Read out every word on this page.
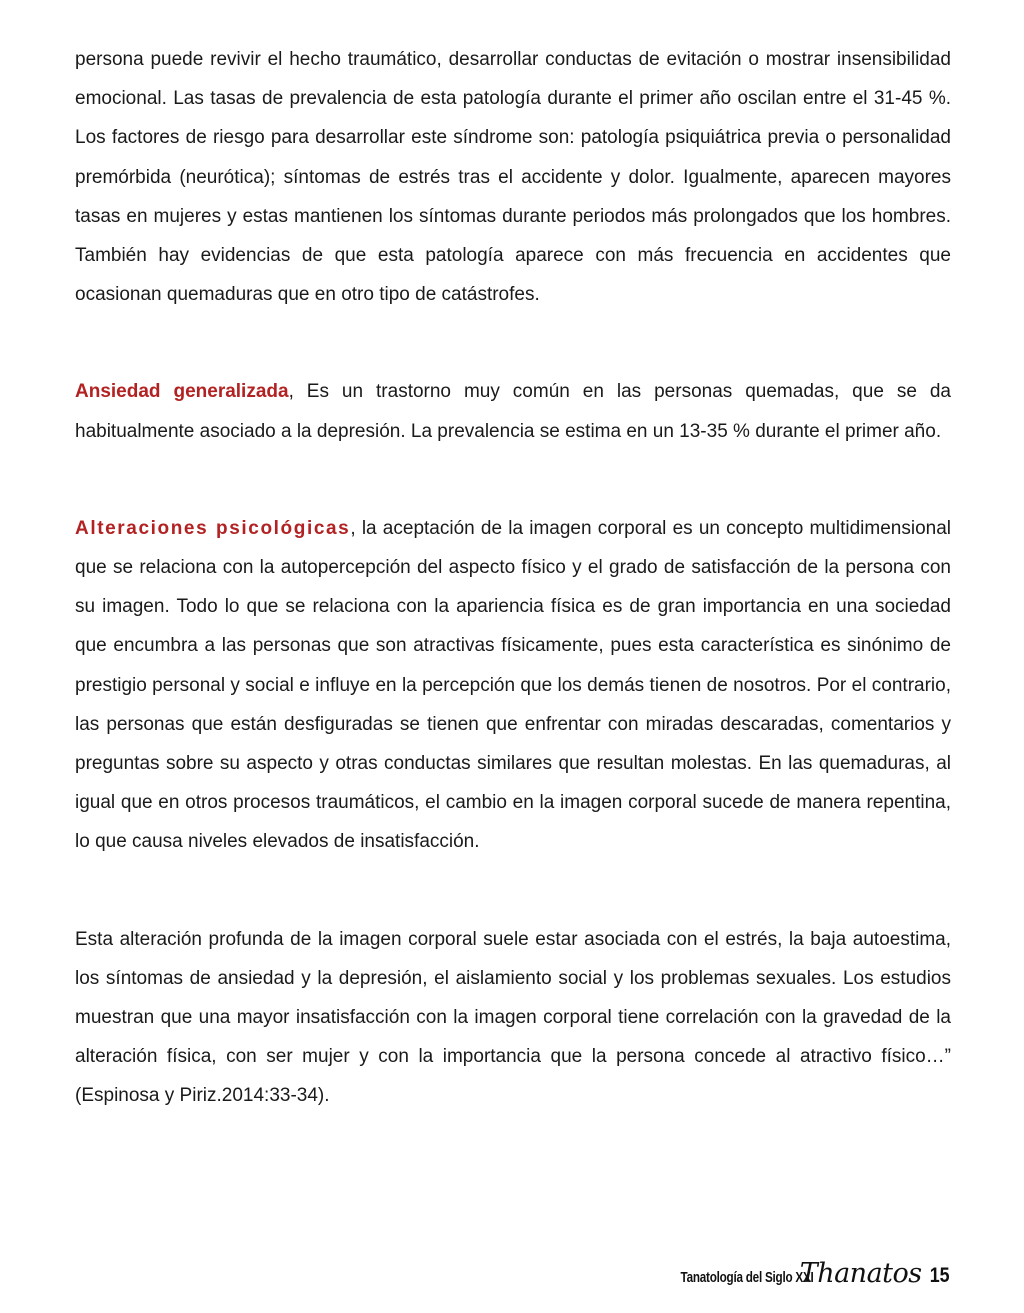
persona puede revivir el hecho traumático, desarrollar conductas de evitación o mostrar insensibilidad emocional. Las tasas de prevalencia de esta patología durante el primer año oscilan entre el 31-45 %. Los factores de riesgo para desarrollar este síndrome son: patología psiquiátrica previa o personalidad premórbida (neurótica); síntomas de estrés tras el accidente y dolor. Igualmente, aparecen mayores tasas en mujeres y estas mantienen los síntomas durante periodos más prolongados que los hombres. También hay evidencias de que esta patología aparece con más frecuencia en accidentes que ocasionan quemaduras que en otro tipo de catástrofes.

Ansiedad generalizada, Es un trastorno muy común en las personas quemadas, que se da habitualmente asociado a la depresión. La prevalencia se estima en un 13-35 % durante el primer año.

Alteraciones psicológicas, la aceptación de la imagen corporal es un concepto multidimensional que se relaciona con la autopercepción del aspecto físico y el grado de satisfacción de la persona con su imagen. Todo lo que se relaciona con la apariencia física es de gran importancia en una sociedad que encumbra a las personas que son atractivas físicamente, pues esta característica es sinónimo de prestigio personal y social e influye en la percepción que los demás tienen de nosotros. Por el contrario, las personas que están desfiguradas se tienen que enfrentar con miradas descaradas, comentarios y preguntas sobre su aspecto y otras conductas similares que resultan molestas. En las quemaduras, al igual que en otros procesos traumáticos, el cambio en la imagen corporal sucede de manera repentina, lo que causa niveles elevados de insatisfacción.

Esta alteración profunda de la imagen corporal suele estar asociada con el estrés, la baja autoestima, los síntomas de ansiedad y la depresión, el aislamiento social y los problemas sexuales. Los estudios muestran que una mayor insatisfacción con la imagen corporal tiene correlación con la gravedad de la alteración física, con ser mujer y con la importancia que la persona concede al atractivo físico…” (Espinosa y Piriz.2014:33-34).

Tanatología del Siglo XXI
Thanatos 15
